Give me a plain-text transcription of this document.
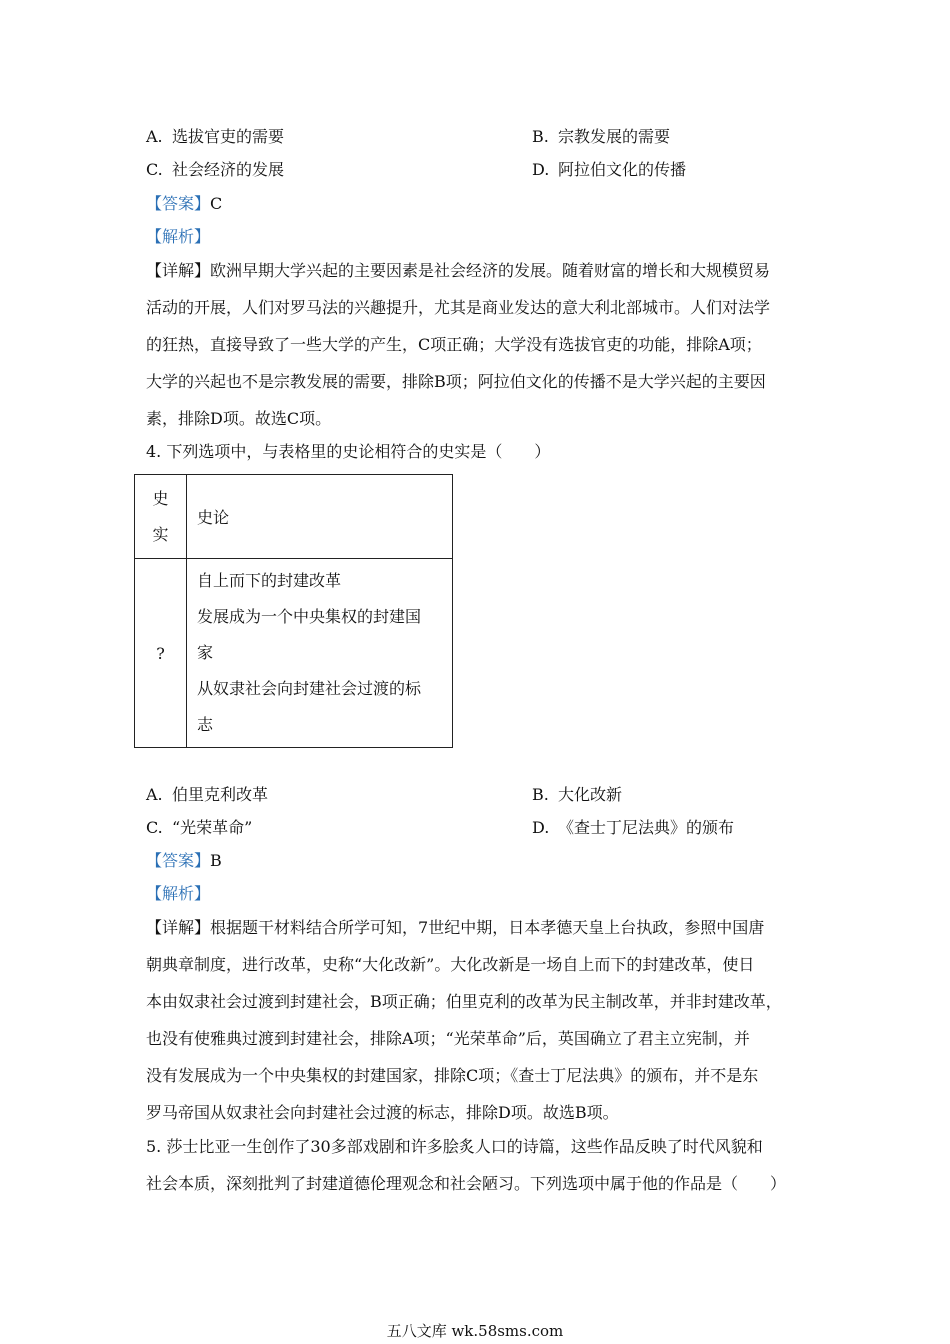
A. 选拔官吏的需要	B. 宗教发展的需要
C. 社会经济的发展	D. 阿拉伯文化的传播
【答案】C
【解析】
【详解】欧洲早期大学兴起的主要因素是社会经济的发展。随着财富的增长和大规模贸易
活动的开展，人们对罗马法的兴趣提升，尤其是商业发达的意大利北部城市。人们对法学
的狂热，直接导致了一些大学的产生，C项正确；大学没有选拔官吏的功能，排除A项；
大学的兴起也不是宗教发展的需要，排除B项；阿拉伯文化的传播不是大学兴起的主要因
素，排除D项。故选C项。
4. 下列选项中，与表格里的史论相符合的史实是（　　）
史
实	史论
?	自上而下的封建改革
发展成为一个中央集权的封建国
家
从奴隶社会向封建社会过渡的标
志
A. 伯里克利改革	B. 大化改新
C. “光荣革命”	D. 《查士丁尼法典》的颁布
【答案】B
【解析】
【详解】根据题干材料结合所学可知，7世纪中期，日本孝德天皇上台执政，参照中国唐
朝典章制度，进行改革，史称“大化改新”。大化改新是一场自上而下的封建改革，使日
本由奴隶社会过渡到封建社会，B项正确；伯里克利的改革为民主制改革，并非封建改革，
也没有使雅典过渡到封建社会，排除A项；“光荣革命”后，英国确立了君主立宪制，并
没有发展成为一个中央集权的封建国家，排除C项；《查士丁尼法典》的颁布，并不是东
罗马帝国从奴隶社会向封建社会过渡的标志，排除D项。故选B项。
5. 莎士比亚一生创作了30多部戏剧和许多脍炙人口的诗篇，这些作品反映了时代风貌和
社会本质，深刻批判了封建道德伦理观念和社会陋习。下列选项中属于他的作品是（　　）
五八文库 wk.58sms.com
